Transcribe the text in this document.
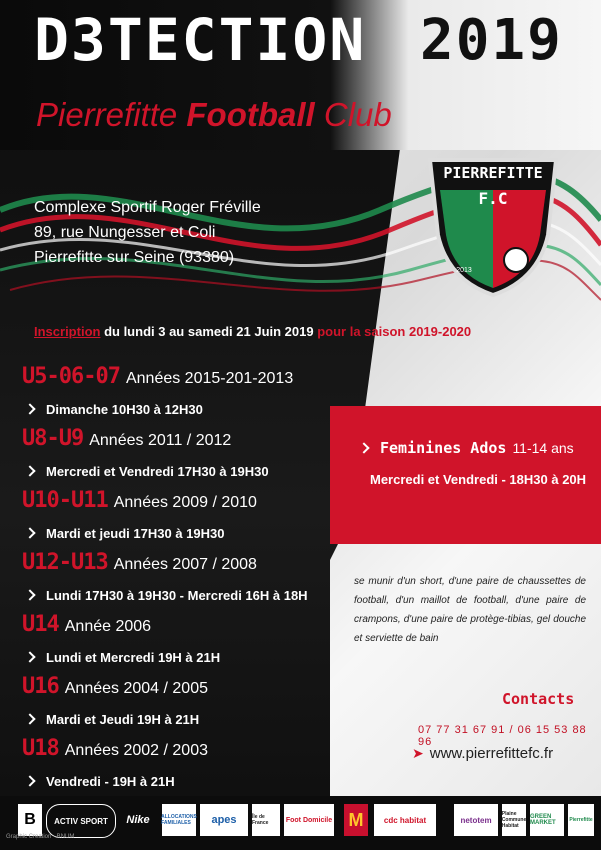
D3TECTION 2019
Pierrefitte Football Club
Complexe Sportif Roger Fréville
89, rue Nungesser et Coli
Pierrefitte sur Seine (93380)
PIERREFITTE
F.C
2013
Inscription du lundi 3 au samedi 21 Juin 2019 pour la saison 2019-2020
U5-06-07 Années 2015-201-2013
Dimanche 10H30 à 12H30
U8-U9 Années 2011 / 2012
Mercredi et Vendredi 17H30 à 19H30
U10-U11 Années 2009 / 2010
Mardi et jeudi 17H30 à 19H30
U12-U13 Années 2007 / 2008
Lundi 17H30 à 19H30 - Mercredi 16H à 18H
U14 Année 2006
Lundi et Mercredi 19H à 21H
U16 Années 2004 / 2005
Mardi et Jeudi 19H à 21H
U18 Années 2002 / 2003
Vendredi - 19H à 21H
Feminines Ados 11-14 ans
Mercredi et Vendredi - 18H30 à 20H
se munir d'un short, d'une paire de chaussettes de football, d'un maillot de football, d'une paire de crampons, d'une paire de protège-tibias, gel douche et serviette de bain
Contacts
07 77 31 67 91 / 06 15 53 88 96
➤ www.pierrefittefc.fr
B	ACTIV SPORT	Nike	ALLOCATIONS FAMILIALES	apes	Île de France	Foot Domicile M	cdc habitat	netotem
Plaine Commune Habitat
GREEN MARKET	Pierrefitte
Graphic Creation - BNUM
